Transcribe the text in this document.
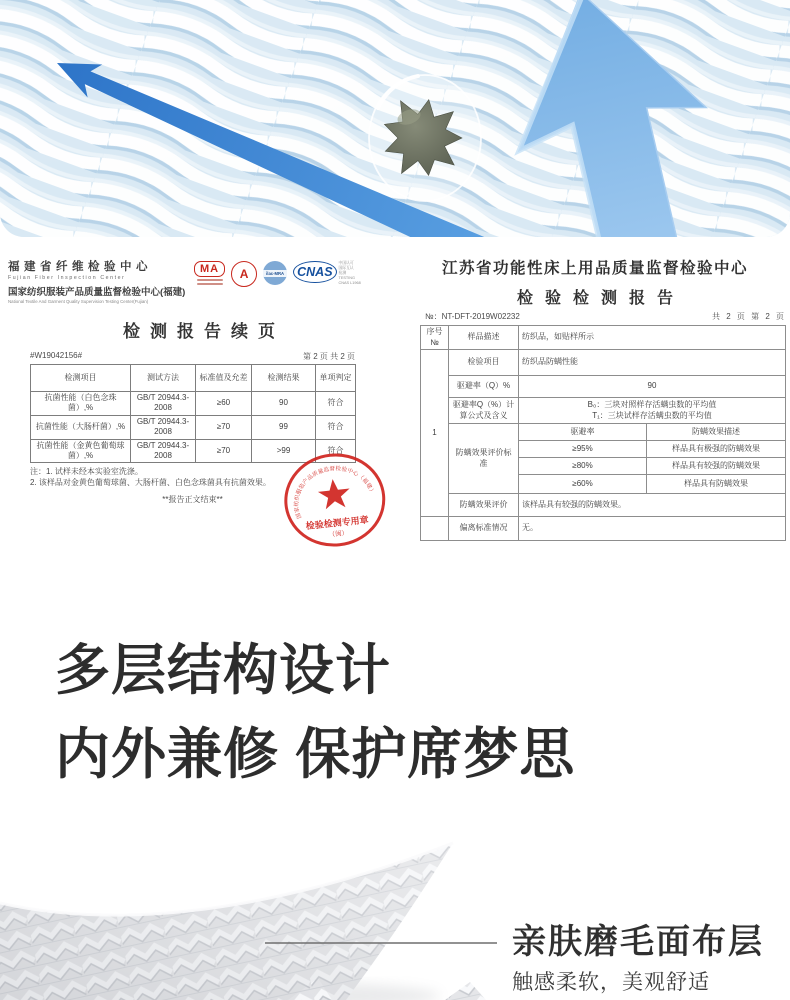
福建省纤维检验中心
Fujian Fiber Inspection Center
国家纺织服装产品质量监督检验中心(福建)
National Textile And Garment Quality Supervision Testing Center(Fujian)
MA	A	ilac-MRA	CNAS
中国认可
国际互认
检测
TESTING
CNAS L1968
检测报告续页
#W19042156#	第 2 页 共 2 页
检测项目	测试方法	标准值及允差	检测结果	单项判定
抗菌性能（白色念珠菌）,%	GB/T 20944.3-2008	≥60	90	符合
抗菌性能（大肠杆菌）,%	GB/T 20944.3-2008	≥70	99	符合
抗菌性能（金黄色葡萄球菌）,%	GB/T 20944.3-2008	≥70	>99	符合
注：1. 试样未经本实验室洗涤。
2. 该样品对金黄色葡萄球菌、大肠杆菌、白色念珠菌具有抗菌效果。
**报告正文结束**
国家纺织服装产品质量监督检验中心（福建）
检验检测专用章
（闽）
江苏省功能性床上用品质量监督检验中心
检验检测报告
№：NT-DFT-2019W02232	共 2 页 第 2 页
序号
№	样品描述	纺织品，如贴样所示	
1	检验项目	纺织品防螨性能	
	驱避率（Q）%	90	
	驱避率Q（%）计算公式及含义	B₀：三块对照样存活螨虫数的平均值
T₁：三块试样存活螨虫数的平均值	

	防螨效果评价标准	驱避率	防螨效果描述
		≥95%	样品具有极强的防螨效果
		≥80%	样品具有较强的防螨效果
		≥60%	样品具有防螨效果
	防螨效果评价	该样品具有较强的防螨效果。	
	偏离标准情况	无。	
多层结构设计
内外兼修 保护席梦思
亲肤磨毛面布层
触感柔软，美观舒适
